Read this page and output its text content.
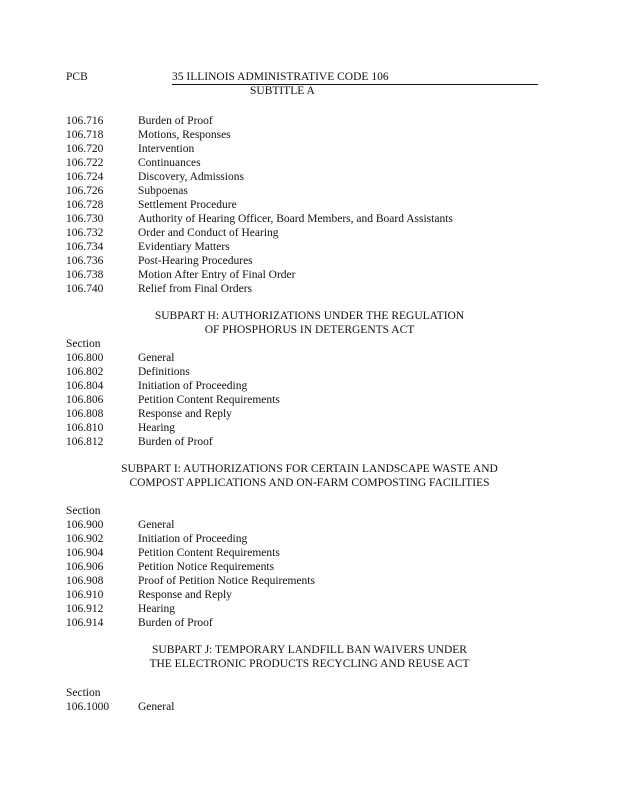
PCB	35 ILLINOIS ADMINISTRATIVE CODE 106
SUBTITLE A
106.716	Burden of Proof
106.718	Motions, Responses
106.720	Intervention
106.722	Continuances
106.724	Discovery, Admissions
106.726	Subpoenas
106.728	Settlement Procedure
106.730	Authority of Hearing Officer, Board Members, and Board Assistants
106.732	Order and Conduct of Hearing
106.734	Evidentiary Matters
106.736	Post-Hearing Procedures
106.738	Motion After Entry of Final Order
106.740	Relief from Final Orders
SUBPART H: AUTHORIZATIONS UNDER THE REGULATION
OF PHOSPHORUS IN DETERGENTS ACT
Section
106.800	General
106.802	Definitions
106.804	Initiation of Proceeding
106.806	Petition Content Requirements
106.808	Response and Reply
106.810	Hearing
106.812	Burden of Proof
SUBPART I: AUTHORIZATIONS FOR CERTAIN LANDSCAPE WASTE AND
COMPOST APPLICATIONS AND ON-FARM COMPOSTING FACILITIES
Section
106.900	General
106.902	Initiation of Proceeding
106.904	Petition Content Requirements
106.906	Petition Notice Requirements
106.908	Proof of Petition Notice Requirements
106.910	Response and Reply
106.912	Hearing
106.914	Burden of Proof
SUBPART J: TEMPORARY LANDFILL BAN WAIVERS UNDER
THE ELECTRONIC PRODUCTS RECYCLING AND REUSE ACT
Section
106.1000	General
